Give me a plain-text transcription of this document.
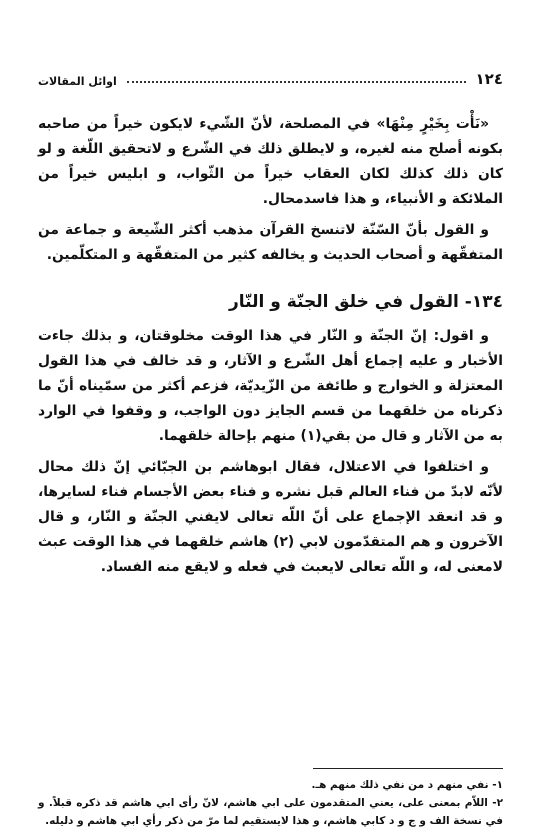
١٢٤
اوائل المقالات

«نَأْت بِخَيْرٍ مِنْهَا» في المصلحة، لأنّ الشّيء لايكون خيراً من صاحبه بكونه أصلح منه لغيره، و لايطلق ذلك في الشّرع و لاتحقيق اللّغة و لو كان ذلك كذلك لكان العقاب خيراً من الثّواب، و ابليس خيراً من الملائكة و الأنبياء، و هذا فاسدمحال.

و القول بأنّ السّنّة لاتنسخ القرآن مذهب أكثر الشّيعة و جماعة من المتفقّهة و أصحاب الحديث و يخالفه كثير من المتفقّهة و المتكلّمين.

١٣٤- القول في خلق الجنّة و النّار

و اقول: إنّ الجنّة و النّار في هذا الوقت مخلوقتان، و بذلك جاءت الأخبار و عليه إجماع أهل الشّرع و الآثار، و قد خالف في هذا القول المعتزلة و الخوارج و طائفة من الزّيديّة، فزعم أكثر من سمّيناه أنّ ما ذكرناه من خلقهما من قسم الجايز دون الواجب، و وقفوا في الوارد به من الآثار و قال من بقي(١) منهم بإحالة خلقهما.

و اختلفوا في الاعتلال، فقال ابوهاشم بن الجبّائي إنّ ذلك محال لأنّه لابدّ من فناء العالم قبل نشره و فناء بعض الأجسام فناء لسايرها، و قد انعقد الإجماع على أنّ اللّه تعالى لايفني الجنّة و النّار، و قال الآخرون و هم المتقدّمون لابي (٢) هاشم خلقهما في هذا الوقت عبث لامعنى له، و اللّه تعالى لايعبث في فعله و لايقع منه الفساد.

١- نفي منهم د من نفي ذلك منهم هـ.

٢- اللاّم بمعنى على، يعني المتقدمون على ابي هاشم، لانّ رأى ابي هاشم قد ذكره قبلاً. و في نسخة الف و ج و د كابي هاشم، و هذا لايستقيم لما مرّ من ذكر رأي ابي هاشم و دليله.
